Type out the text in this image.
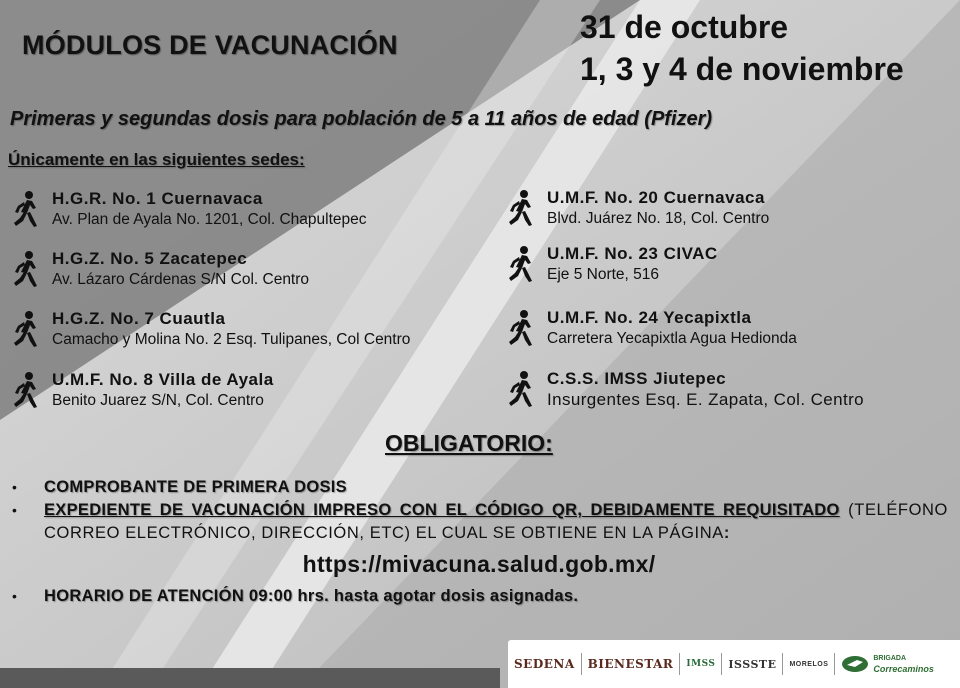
MÓDULOS DE VACUNACIÓN	31 de octubre
1, 3 y 4 de noviembre
Primeras y segundas dosis para población de 5 a 11 años de edad (Pfizer)
Únicamente en las siguientes sedes:
H.G.R. No. 1 Cuernavaca
Av. Plan de Ayala No. 1201, Col. Chapultepec
H.G.Z. No. 5 Zacatepec
Av. Lázaro Cárdenas S/N Col. Centro
H.G.Z. No. 7 Cuautla
Camacho y Molina No. 2 Esq. Tulipanes, Col Centro
U.M.F. No. 8 Villa de Ayala
Benito Juarez S/N, Col. Centro
U.M.F. No. 20 Cuernavaca
Blvd. Juárez No. 18, Col. Centro
U.M.F. No. 23 CIVAC
Eje 5 Norte, 516
U.M.F. No. 24 Yecapixtla
Carretera Yecapixtla Agua Hedionda
C.S.S. IMSS Jiutepec
Insurgentes Esq. E. Zapata, Col. Centro
OBLIGATORIO:
•	COMPROBANTE DE PRIMERA DOSIS
•	EXPEDIENTE DE VACUNACIÓN IMPRESO CON EL CÓDIGO QR, DEBIDAMENTE REQUISITADO (TELÉFONO CORREO ELECTRÓNICO, DIRECCIÓN, ETC) EL CUAL SE OBTIENE EN LA PÁGINA:
https://mivacuna.salud.gob.mx/
•	HORARIO DE ATENCIÓN 09:00 hrs. hasta agotar dosis asignadas.
SEDENA BIENESTAR IMSS ISSSTE MORELOS
BRIGADA
Correcaminos
